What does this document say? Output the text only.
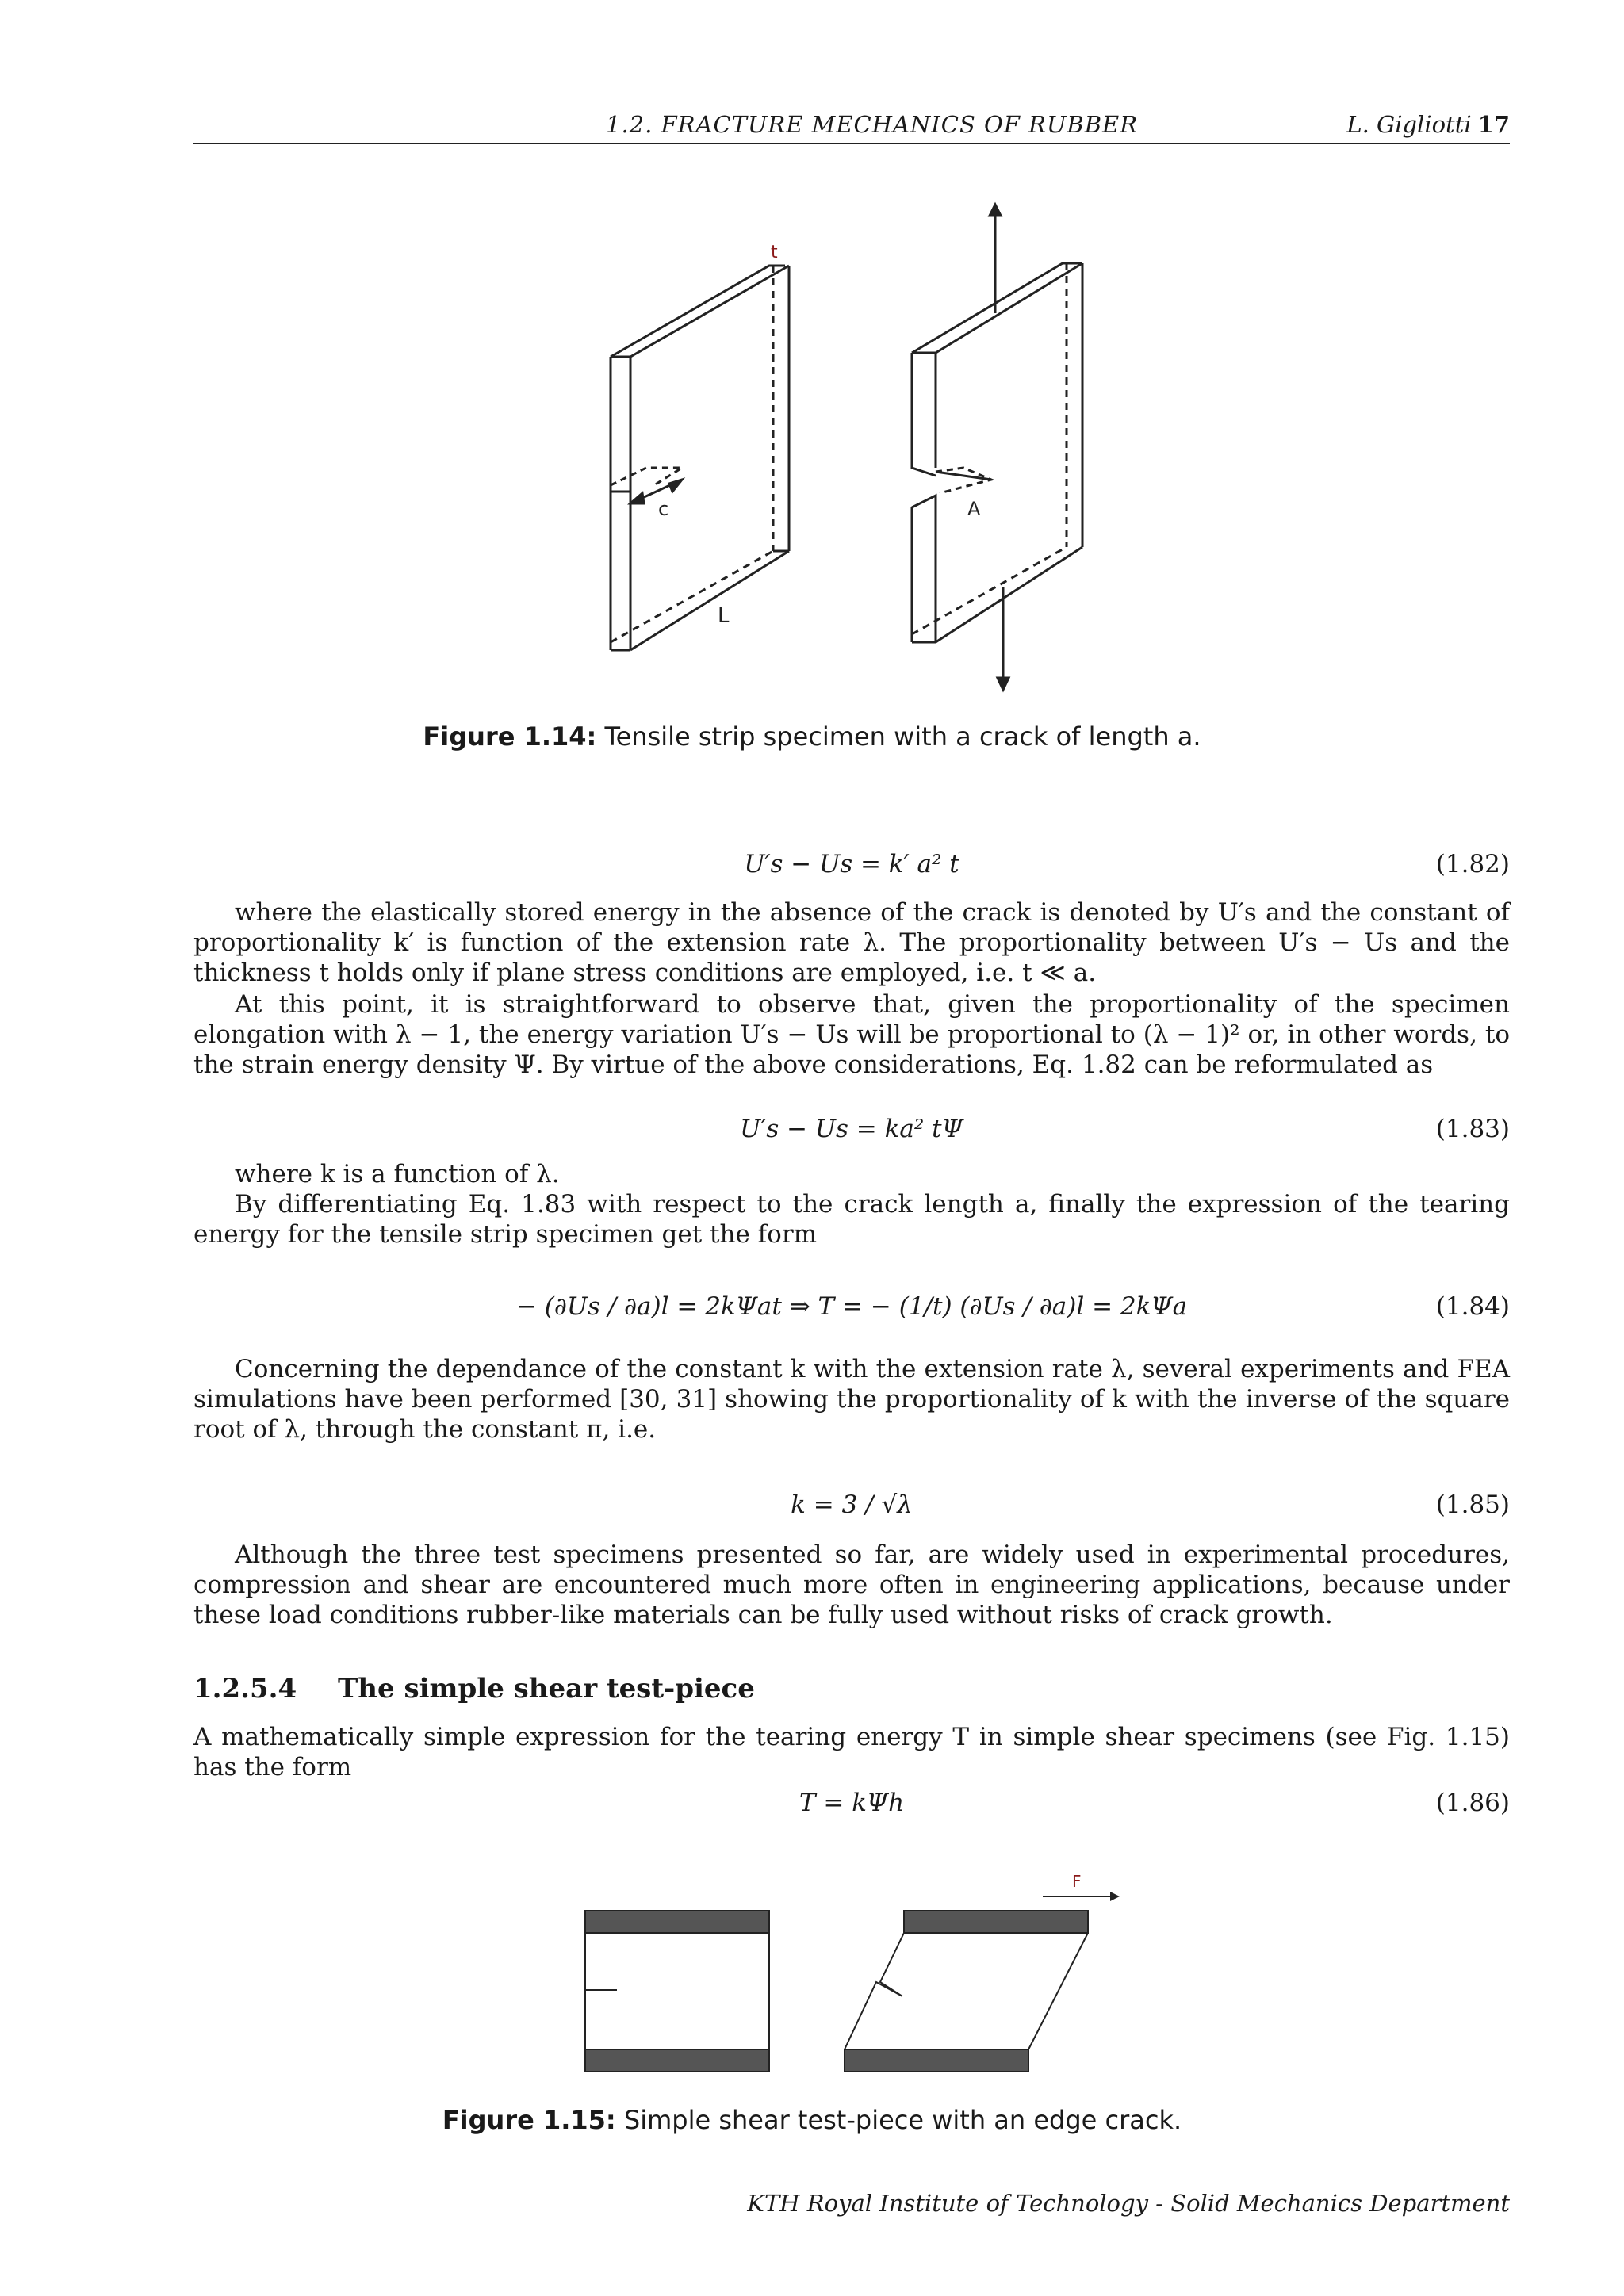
1.2. FRACTURE MECHANICS OF RUBBER	L. Gigliotti 17
t
c
L
A
Figure 1.14: Tensile strip specimen with a crack of length a.
U′s − Us = k′ a² t	(1.82)
where the elastically stored energy in the absence of the crack is denoted by U′s and the constant of proportionality k′ is function of the extension rate λ. The proportionality between U′s − Us and the thickness t holds only if plane stress conditions are employed, i.e. t ≪ a.
At this point, it is straightforward to observe that, given the proportionality of the specimen elongation with λ − 1, the energy variation U′s − Us will be proportional to (λ − 1)² or, in other words, to the strain energy density Ψ. By virtue of the above considerations, Eq. 1.82 can be reformulated as
U′s − Us = ka² tΨ	(1.83)
where k is a function of λ.
By differentiating Eq. 1.83 with respect to the crack length a, finally the expression of the tearing energy for the tensile strip specimen get the form
− (∂Us / ∂a)l = 2kΨat ⇒ T = − (1/t) (∂Us / ∂a)l = 2kΨa	(1.84)
Concerning the dependance of the constant k with the extension rate λ, several experiments and FEA simulations have been performed [30, 31] showing the proportionality of k with the inverse of the square root of λ, through the constant π, i.e.
k = 3 / √λ	(1.85)
Although the three test specimens presented so far, are widely used in experimental procedures, compression and shear are encountered much more often in engineering applications, because under these load conditions rubber-like materials can be fully used without risks of crack growth.
1.2.5.4 The simple shear test-piece
A mathematically simple expression for the tearing energy T in simple shear specimens (see Fig. 1.15) has the form
T = kΨh	(1.86)
F
Figure 1.15: Simple shear test-piece with an edge crack.
KTH Royal Institute of Technology - Solid Mechanics Department
